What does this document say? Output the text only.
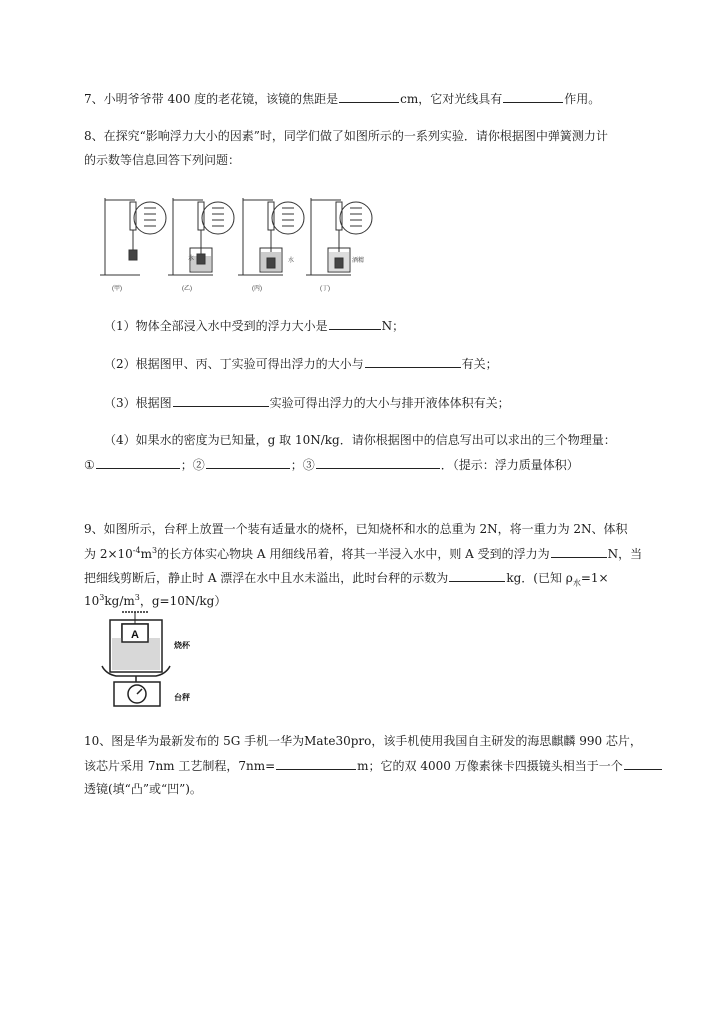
7、小明爷爷带 400 度的老花镜，该镜的焦距是	cm，它对光线具有	作用。
8、在探究“影响浮力大小的因素”时，同学们做了如图所示的一系列实验．请你根据图中弹簧测力计
的示数等信息回答下列问题：
水	水	酒精
(甲)	(乙)	(丙)	(丁)
（1）物体全部浸入水中受到的浮力大小是	N；
（2）根据图甲、丙、丁实验可得出浮力的大小与	有关；
（3）根据图	实验可得出浮力的大小与排开液体体积有关；
（4）如果水的密度为已知量，g 取 10N/kg．请你根据图中的信息写出可以求出的三个物理量：
①	；②	；③	．（提示：浮力质量体积）
9、如图所示，台秤上放置一个装有适量水的烧杯，已知烧杯和水的总重为 2N，将一重力为 2N、体积
为 $2\times 10^{-4}m^3$的长方体实心物块 A 用细线吊着，将其一半浸入水中，则 A 受到的浮力为	N，当
把细线剪断后，静止时 A 漂浮在水中且水未溢出，此时台秤的示数为	kg．(已知 $\rho_水=1\times$
$10^3kg/m^3$，g=10N/kg）
A
烧杯
台秤
10、图是华为最新发布的 5G 手机一华为Mate30pro，该手机使用我国自主研发的海思麒麟 990 芯片，
该芯片采用 7nm 工艺制程，7nm=	m；它的双 4000 万像素徕卡四摄镜头相当于一个
透镜(填“凸”或“凹”)。
